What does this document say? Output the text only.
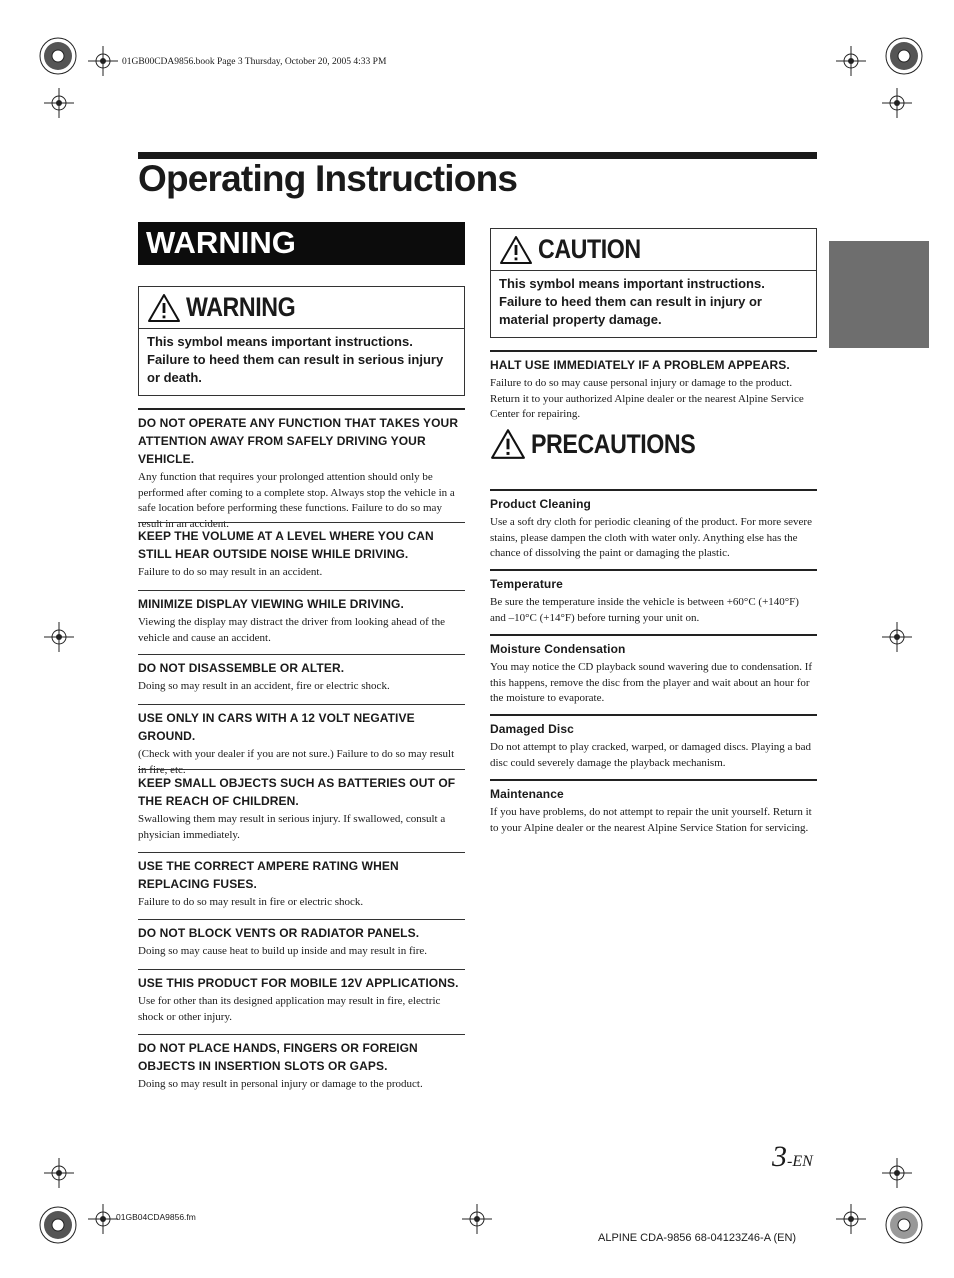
01GB00CDA9856.book Page 3 Thursday, October 20, 2005 4:33 PM
Operating Instructions
WARNING
WARNING
This symbol means important instructions. Failure to heed them can result in serious injury or death.
DO NOT OPERATE ANY FUNCTION THAT TAKES YOUR ATTENTION AWAY FROM SAFELY DRIVING YOUR VEHICLE.

Any function that requires your prolonged attention should only be performed after coming to a complete stop. Always stop the vehicle in a safe location before performing these functions. Failure to do so may result in an accident.

KEEP THE VOLUME AT A LEVEL WHERE YOU CAN STILL HEAR OUTSIDE NOISE WHILE DRIVING.

Failure to do so may result in an accident.

MINIMIZE DISPLAY VIEWING WHILE DRIVING.

Viewing the display may distract the driver from looking ahead of the vehicle and cause an accident.

DO NOT DISASSEMBLE OR ALTER.

Doing so may result in an accident, fire or electric shock.

USE ONLY IN CARS WITH A 12 VOLT NEGATIVE GROUND.

(Check with your dealer if you are not sure.) Failure to do so may result in fire, etc.

KEEP SMALL OBJECTS SUCH AS BATTERIES OUT OF THE REACH OF CHILDREN.

Swallowing them may result in serious injury. If swallowed, consult a physician immediately.

USE THE CORRECT AMPERE RATING WHEN REPLACING FUSES.

Failure to do so may result in fire or electric shock.

DO NOT BLOCK VENTS OR RADIATOR PANELS.

Doing so may cause heat to build up inside and may result in fire.

USE THIS PRODUCT FOR MOBILE 12V APPLICATIONS.

Use for other than its designed application may result in fire, electric shock or other injury.

DO NOT PLACE HANDS, FINGERS OR FOREIGN OBJECTS IN INSERTION SLOTS OR GAPS.

Doing so may result in personal injury or damage to the product.

CAUTION
This symbol means important instructions. Failure to heed them can result in injury or material property damage.
HALT USE IMMEDIATELY IF A PROBLEM APPEARS.

Failure to do so may cause personal injury or damage to the product. Return it to your authorized Alpine dealer or the nearest Alpine Service Center for repairing.

PRECAUTIONS
Product Cleaning

Use a soft dry cloth for periodic cleaning of the product. For more severe stains, please dampen the cloth with water only. Anything else has the chance of dissolving the paint or damaging the plastic.

Temperature

Be sure the temperature inside the vehicle is between +60°C (+140°F) and –10°C (+14°F) before turning your unit on.

Moisture Condensation

You may notice the CD playback sound wavering due to condensation. If this happens, remove the disc from the player and wait about an hour for the moisture to evaporate.

Damaged Disc

Do not attempt to play cracked, warped, or damaged discs. Playing a bad disc could severely damage the playback mechanism.

Maintenance

If you have problems, do not attempt to repair the unit yourself. Return it to your Alpine dealer or the nearest Alpine Service Station for servicing.

3-EN
01GB04CDA9856.fm
ALPINE CDA-9856 68-04123Z46-A (EN)
